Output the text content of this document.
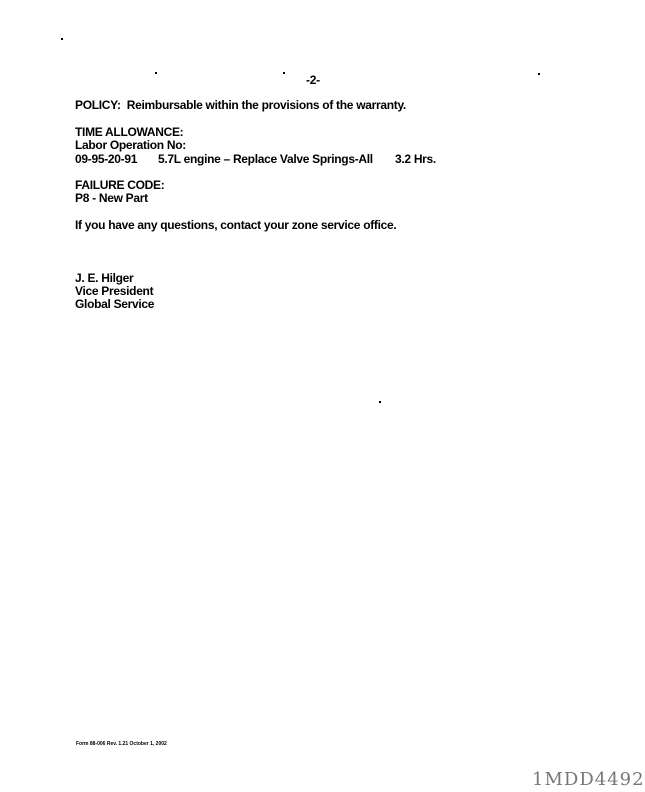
-2-
POLICY: Reimbursable within the provisions of the warranty.
TIME ALLOWANCE:
Labor Operation No:
09-95-20-91 5.7L engine – Replace Valve Springs-All 3.2 Hrs.
FAILURE CODE:
P8 - New Part
If you have any questions, contact your zone service office.
J. E. Hilger
Vice President
Global Service
Form 88-006 Rev. 1.21 October 1, 2002
1MDD4492
